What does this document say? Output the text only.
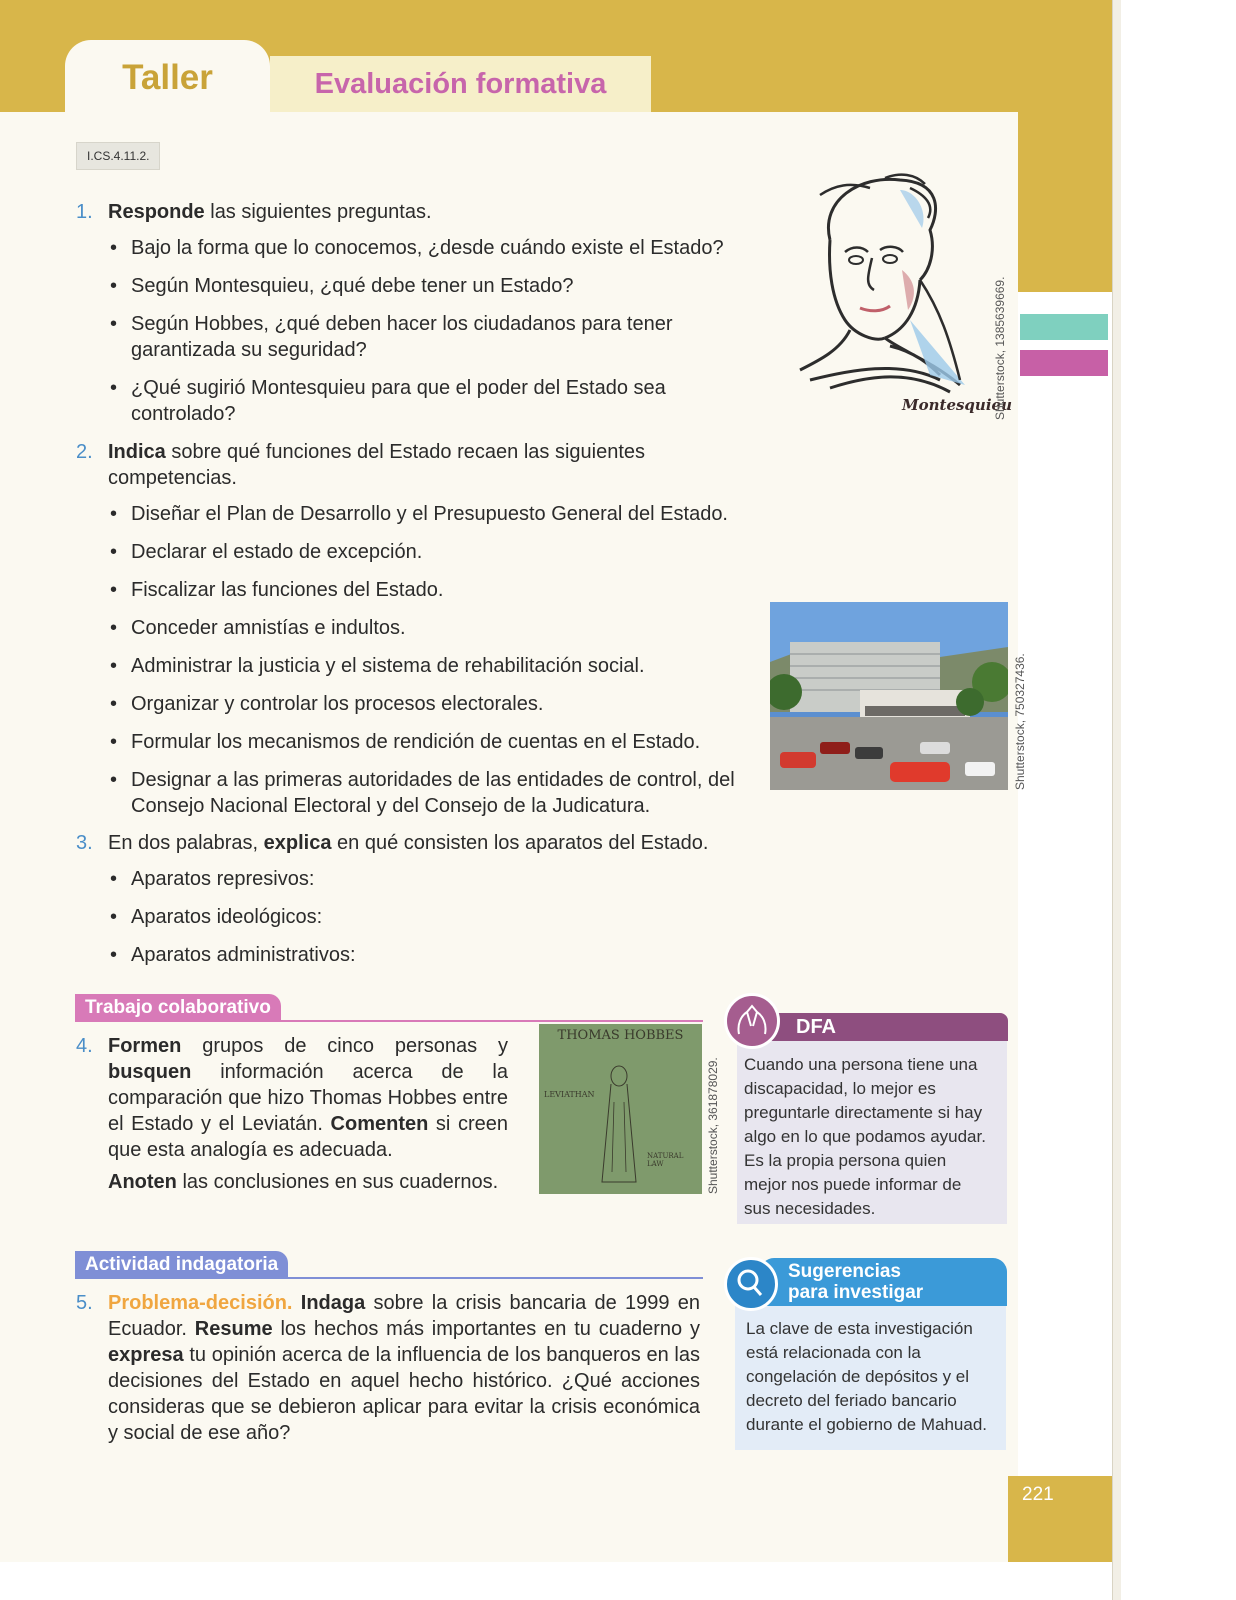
Taller	Evaluación formativa
I.CS.4.11.2.
1. Responde las siguientes preguntas.
• Bajo la forma que lo conocemos, ¿desde cuándo existe el Estado?
• Según Montesquieu, ¿qué debe tener un Estado?
• Según Hobbes, ¿qué deben hacer los ciudadanos para tener garantizada su seguridad?
• ¿Qué sugirió Montesquieu para que el poder del Estado sea controlado?	Montesquieu
Shutterstock, 1385639669.
2. Indica sobre qué funciones del Estado recaen las siguientes competencias.
• Diseñar el Plan de Desarrollo y el Presupuesto General del Estado.
• Declarar el estado de excepción.
• Fiscalizar las funciones del Estado.
• Conceder amnistías e indultos.
• Administrar la justicia y el sistema de rehabilitación social.
• Organizar y controlar los procesos electorales.
• Formular los mecanismos de rendición de cuentas en el Estado.
• Designar a las primeras autoridades de las entidades de control, del Consejo Nacional Electoral y del Consejo de la Judicatura.
Shutterstock, 750327436.
3. En dos palabras, explica en qué consisten los aparatos del Estado.
• Aparatos represivos:
• Aparatos ideológicos:
• Aparatos administrativos:
Trabajo colaborativo
4. Formen grupos de cinco personas y busquen información acerca de la comparación que hizo Thomas Hobbes entre el Estado y el Leviatán. Comenten si creen que esta analogía es adecuada.
Anoten las conclusiones en sus cuadernos.
THOMAS HOBBES
LEVIATHAN
NATURAL LAW	Shutterstock, 361878029.
DFA
Cuando una persona tiene una discapacidad, lo mejor es preguntarle directamente si hay algo en lo que podamos ayudar. Es la propia persona quien mejor nos puede informar de sus necesidades.
Actividad indagatoria
5. Problema-decisión. Indaga sobre la crisis bancaria de 1999 en Ecuador. Resume los hechos más importantes en tu cuaderno y expresa tu opinión acerca de la influencia de los banqueros en las decisiones del Estado en aquel hecho histórico. ¿Qué acciones consideras que se debieron aplicar para evitar la crisis económica y social de ese año?
Sugerencias
para investigar
La clave de esta investigación está relacionada con la congelación de depósitos y el decreto del feriado bancario durante el gobierno de Mahuad.
221
